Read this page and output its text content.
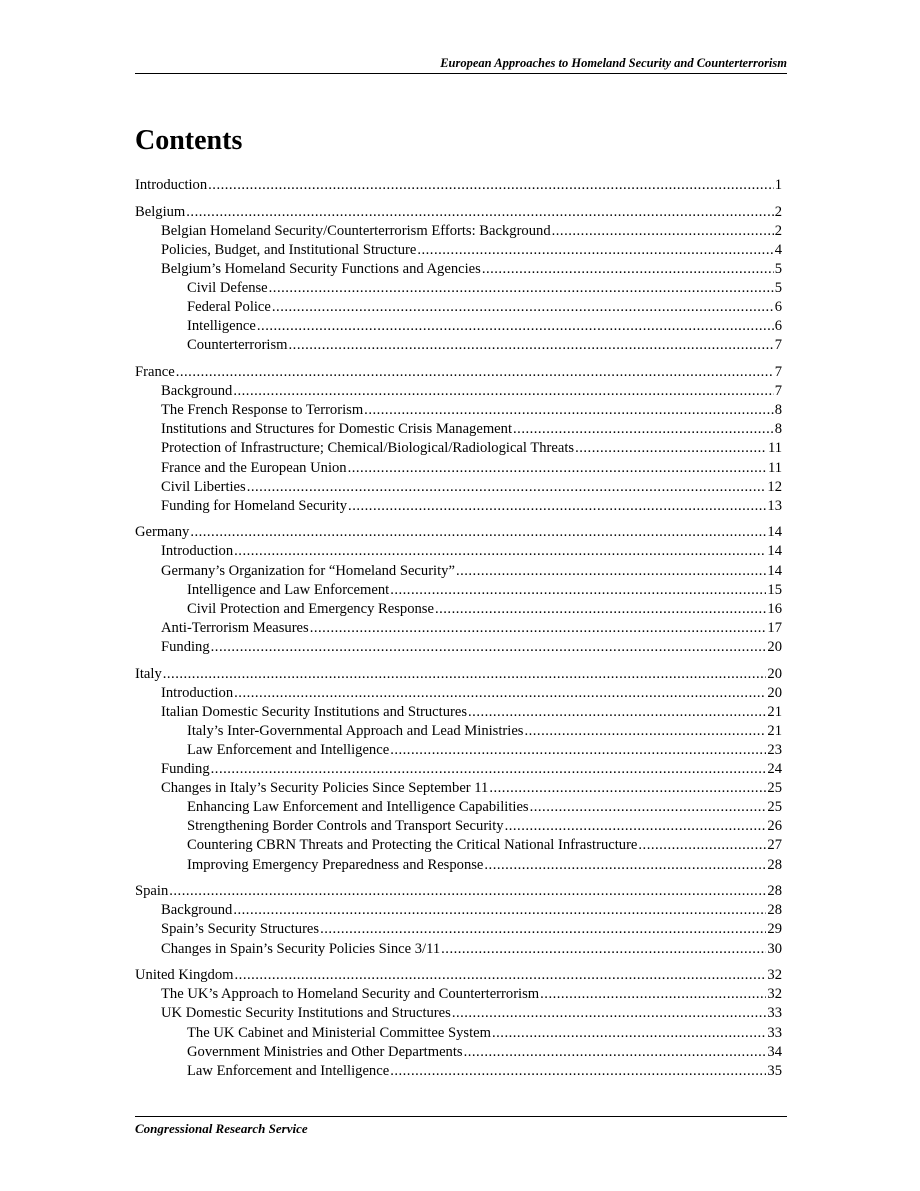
European Approaches to Homeland Security and Counterterrorism
Contents
Introduction .....	1
Belgium .....	2
Belgian Homeland Security/Counterterrorism Efforts: Background .....	2
Policies, Budget, and Institutional Structure .....	4
Belgium’s Homeland Security Functions and Agencies .....	5
Civil Defense .....	5
Federal Police .....	6
Intelligence .....	6
Counterterrorism .....	7
France .....	7
Background .....	7
The French Response to Terrorism .....	8
Institutions and Structures for Domestic Crisis Management .....	8
Protection of Infrastructure; Chemical/Biological/Radiological Threats .....	11
France and the European Union .....	11
Civil Liberties .....	12
Funding for Homeland Security .....	13
Germany .....	14
Introduction .....	14
Germany’s Organization for “Homeland Security” .....	14
Intelligence and Law Enforcement .....	15
Civil Protection and Emergency Response .....	16
Anti-Terrorism Measures .....	17
Funding .....	20
Italy .....	20
Introduction .....	20
Italian Domestic Security Institutions and Structures .....	21
Italy’s Inter-Governmental Approach and Lead Ministries .....	21
Law Enforcement and Intelligence .....	23
Funding .....	24
Changes in Italy’s Security Policies Since September 11 .....	25
Enhancing Law Enforcement and Intelligence Capabilities .....	25
Strengthening Border Controls and Transport Security .....	26
Countering CBRN Threats and Protecting the Critical National Infrastructure .....	27
Improving Emergency Preparedness and Response .....	28
Spain .....	28
Background .....	28
Spain’s Security Structures .....	29
Changes in Spain’s Security Policies Since 3/11 .....	30
United Kingdom .....	32
The UK’s Approach to Homeland Security and Counterterrorism .....	32
UK Domestic Security Institutions and Structures .....	33
The UK Cabinet and Ministerial Committee System .....	33
Government Ministries and Other Departments .....	34
Law Enforcement and Intelligence .....	35
Congressional Research Service
